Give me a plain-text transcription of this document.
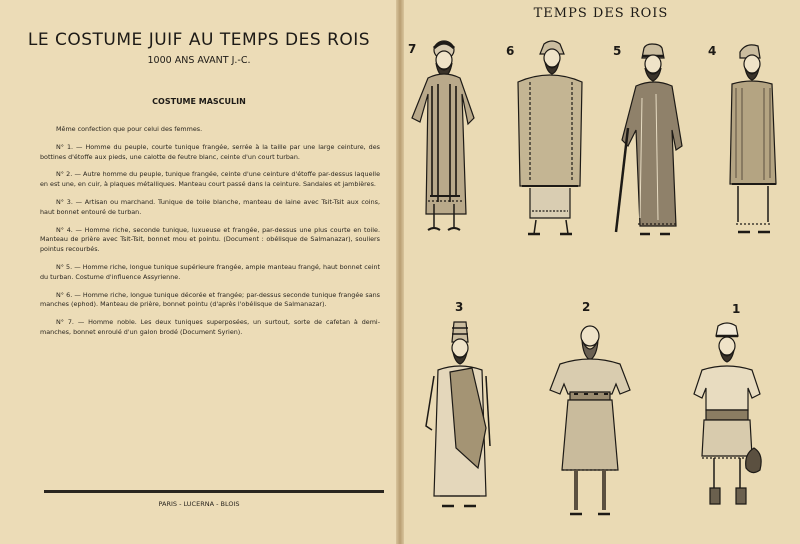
LE COSTUME JUIF AU TEMPS DES ROIS
1000 ANS AVANT J.-C.
COSTUME MASCULIN

Même confection que pour celui des femmes.

N° 1. — Homme du peuple, courte tunique frangée, serrée à la taille par une large ceinture, des bottines d'étoffe aux pieds, une calotte de feutre blanc, ceinte d'un court turban.

N° 2. — Autre homme du peuple, tunique frangée, ceinte d'une ceinture d'étoffe par-dessus laquelle en est une, en cuir, à plaques métalliques. Manteau court passé dans la ceinture. Sandales et jambières.

N° 3. — Artisan ou marchand. Tunique de toile blanche, manteau de laine avec Tsit-Tsit aux coins, haut bonnet entouré de turban.

N° 4. — Homme riche, seconde tunique, luxueuse et frangée, par-dessus une plus courte en toile. Manteau de prière avec Tsit-Tsit, bonnet mou et pointu. (Document : obélisque de Salmanazar), souliers pointus recourbés.

N° 5. — Homme riche, longue tunique supérieure frangée, ample manteau frangé, haut bonnet ceint du turban. Costume d'influence Assyrienne.

N° 6. — Homme riche, longue tunique décorée et frangée; par-dessus seconde tunique frangée sans manches (ephod). Manteau de prière, bonnet pointu (d'après l'obélisque de Salmanazar).

N° 7. — Homme noble. Les deux tuniques superposées, un surtout, sorte de cafetan à demi-manches, bonnet enroulé d'un galon brodé (Document Syrien).

PARIS - LUCERNA - BLOIS
TEMPS DES ROIS
7	6	5	4
3	2	1
